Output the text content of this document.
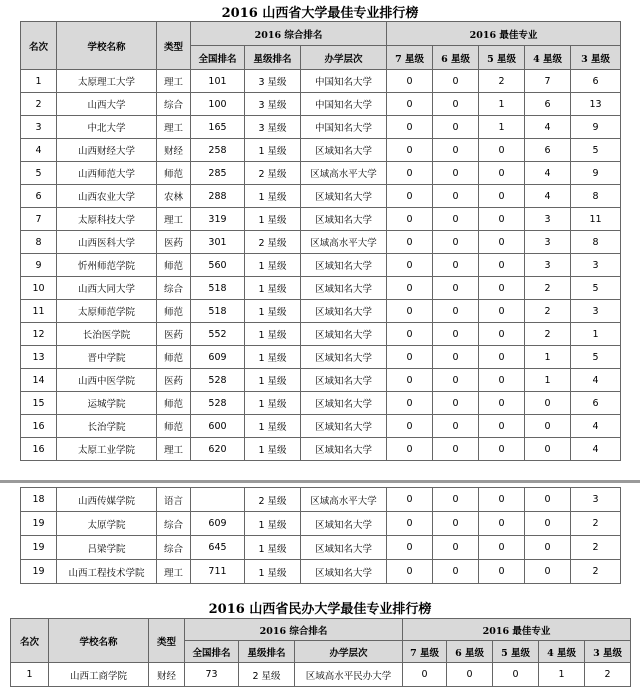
2016 山西省大学最佳专业排行榜
名次	学校名称	类型	2016 综合排名			2016 最佳专业				
			全国排名	星级排名	办学层次	7 星级	6 星级	5 星级	4 星级	3 星级
1	太原理工大学	理工	101	3 星级	中国知名大学	0	0	2	7	6
2	山西大学	综合	100	3 星级	中国知名大学	0	0	1	6	13
3	中北大学	理工	165	3 星级	中国知名大学	0	0	1	4	9
4	山西财经大学	财经	258	1 星级	区域知名大学	0	0	0	6	5
5	山西师范大学	师范	285	2 星级	区域高水平大学	0	0	0	4	9
6	山西农业大学	农林	288	1 星级	区域知名大学	0	0	0	4	8
7	太原科技大学	理工	319	1 星级	区域知名大学	0	0	0	3	11
8	山西医科大学	医药	301	2 星级	区域高水平大学	0	0	0	3	8
9	忻州师范学院	师范	560	1 星级	区域知名大学	0	0	0	3	3
10	山西大同大学	综合	518	1 星级	区域知名大学	0	0	0	2	5
11	太原师范学院	师范	518	1 星级	区域知名大学	0	0	0	2	3
12	长治医学院	医药	552	1 星级	区域知名大学	0	0	0	2	1
13	晋中学院	师范	609	1 星级	区域知名大学	0	0	0	1	5
14	山西中医学院	医药	528	1 星级	区域知名大学	0	0	0	1	4
15	运城学院	师范	528	1 星级	区域知名大学	0	0	0	0	6
16	长治学院	师范	600	1 星级	区域知名大学	0	0	0	0	4
16	太原工业学院	理工	620	1 星级	区域知名大学	0	0	0	0	4
18	山西传媒学院	语言		2 星级	区域高水平大学	0	0	0	0	3
19	太原学院	综合	609	1 星级	区域知名大学	0	0	0	0	2
19	吕梁学院	综合	645	1 星级	区域知名大学	0	0	0	0	2
19	山西工程技术学院	理工	711	1 星级	区域知名大学	0	0	0	0	2
2016 山西省民办大学最佳专业排行榜
名次	学校名称	类型	2016 综合排名			2016 最佳专业				
			全国排名	星级排名	办学层次	7 星级	6 星级	5 星级	4 星级	3 星级
1	山西工商学院	财经	73	2 星级	区域高水平民办大学	0	0	0	1	2
